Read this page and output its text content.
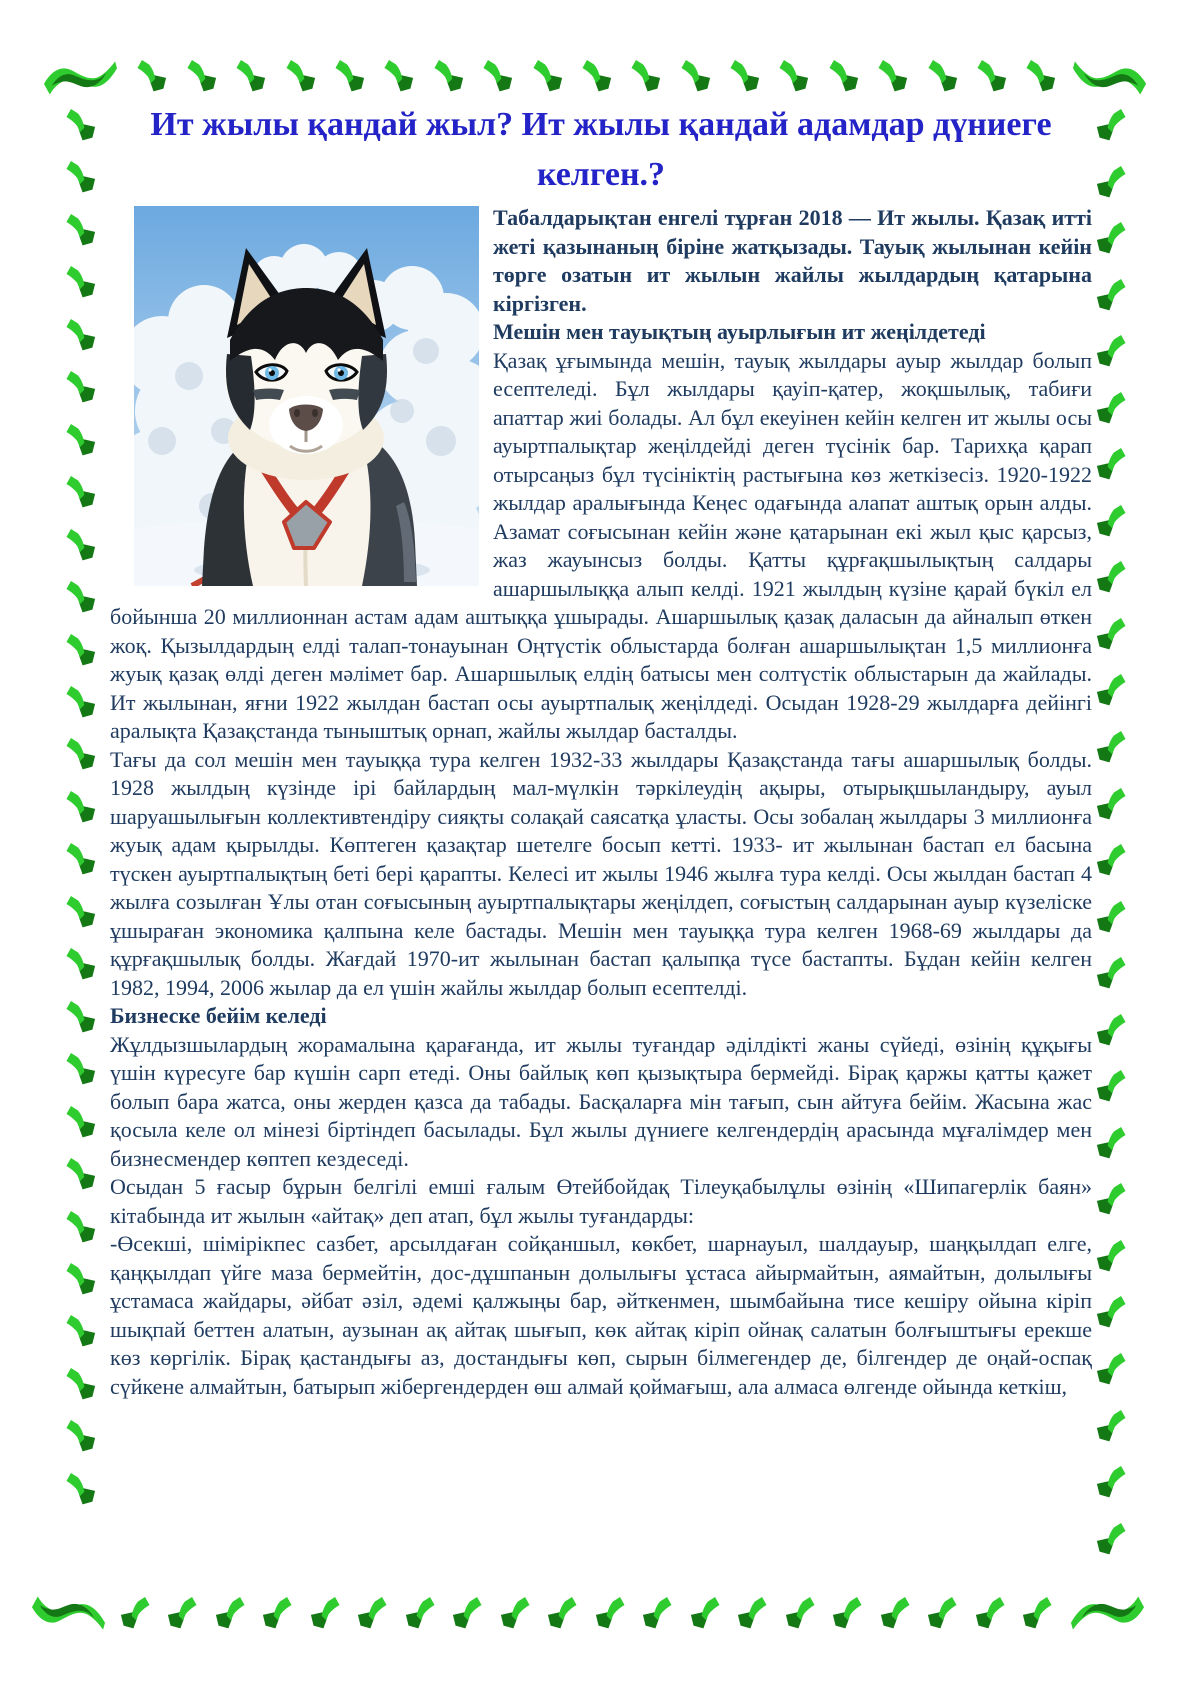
Ит жылы қандай жыл? Ит жылы қандай адамдар дүниеге келген.?

Табалдарықтан енгелі тұрған 2018 — Ит жылы. Қазақ итті жеті қазынаның біріне жатқызады. Тауық жылынан кейін төрге озатын ит жылын жайлы жылдардың қатарына кіргізген.

Мешін мен тауықтың ауырлығын ит жеңілдетеді

Қазақ ұғымында мешін, тауық жылдары ауыр жылдар болып есептеледі. Бұл жылдары қауіп-қатер, жоқшылық, табиғи апаттар жиі болады. Ал бұл екеуінен кейін келген ит жылы осы ауыртпалықтар жеңілдейді деген түсінік бар. Тарихқа қарап отырсаңыз бұл түсініктің растығына көз жеткізесіз. 1920-1922 жылдар аралығында Кеңес одағында алапат аштық орын алды. Азамат соғысынан кейін және қатарынан екі жыл қыс қарсыз, жаз жауынсыз болды. Қатты құрғақшылықтың салдары ашаршылыққа алып келді. 1921 жылдың күзіне қарай бүкіл ел бойынша 20 миллионнан астам адам аштыққа ұшырады. Ашаршылық қазақ даласын да айналып өткен жоқ. Қызылдардың елді талап-тонауынан Оңтүстік облыстарда болған ашаршылықтан 1,5 миллионға жуық қазақ өлді деген мәлімет бар. Ашаршылық елдің батысы мен солтүстік облыстарын да жайлады. Ит жылынан, яғни 1922 жылдан бастап осы ауыртпалық жеңілдеді. Осыдан 1928-29 жылдарға дейінгі аралықта Қазақстанда тыныштық орнап, жайлы жылдар басталды.

Тағы да сол мешін мен тауыққа тура келген 1932-33 жылдары Қазақстанда тағы ашаршылық болды. 1928 жылдың күзінде ірі байлардың мал-мүлкін тәркілеудің ақыры, отырықшыландыру, ауыл шаруашылығын коллективтендіру сияқты солақай саясатқа ұласты. Осы зобалаң жылдары 3 миллионға жуық адам қырылды. Көптеген қазақтар шетелге босып кетті. 1933- ит жылынан бастап ел басына түскен ауыртпалықтың беті бері қарапты. Келесі ит жылы 1946 жылға тура келді. Осы жылдан бастап 4 жылға созылған Ұлы отан соғысының ауыртпалықтары жеңілдеп, соғыстың салдарынан ауыр күзеліске ұшыраған экономика қалпына келе бастады. Мешін мен тауыққа тура келген 1968-69 жылдары да құрғақшылық болды. Жағдай 1970-ит жылынан бастап қалыпқа түсе бастапты. Бұдан кейін келген 1982, 1994, 2006 жылар да ел үшін жайлы жылдар болып есептелді.

Бизнеске бейім келеді

Жұлдызшылардың жорамалына қарағанда, ит жылы туғандар әділдікті жаны сүйеді, өзінің құқығы үшін күресуге бар күшін сарп етеді. Оны байлық көп қызықтыра бермейді. Бірақ қаржы қатты қажет болып бара жатса, оны жерден қазса да табады. Басқаларға мін тағып, сын айтуға бейім. Жасына жас қосыла келе ол мінезі біртіндеп басылады. Бұл жылы дүниеге келгендердің арасында мұғалімдер мен бизнесмендер көптеп кездеседі.

Осыдан 5 ғасыр бұрын белгілі емші ғалым Өтейбойдақ Тілеуқабылұлы өзінің «Шипагерлік баян» кітабында ит жылын «айтақ» деп атап, бұл жылы туғандарды:

-Өсекші, шімірікпес сазбет, арсылдаған сойқаншыл, көкбет, шарнауыл, шалдауыр, шаңқылдап елге, қаңқылдап үйге маза бермейтін, дос-дұшпанын долылығы ұстаса айырмайтын, аямайтын, долылығы ұстамаса жайдары, әйбат әзіл, әдемі қалжыңы бар, әйткенмен, шымбайына тисе кешіру ойына кіріп шықпай беттен алатын, аузынан ақ айтақ шығып, көк айтақ кіріп ойнақ салатын болғыштығы ерекше көз көргілік. Бірақ қастандығы аз, достандығы көп, сырын білмегендер де, білгендер де оңай-оспақ сүйкене алмайтын, батырып жібергендерден өш алмай қоймағыш, ала алмаса өлгенде ойында кеткіш,
